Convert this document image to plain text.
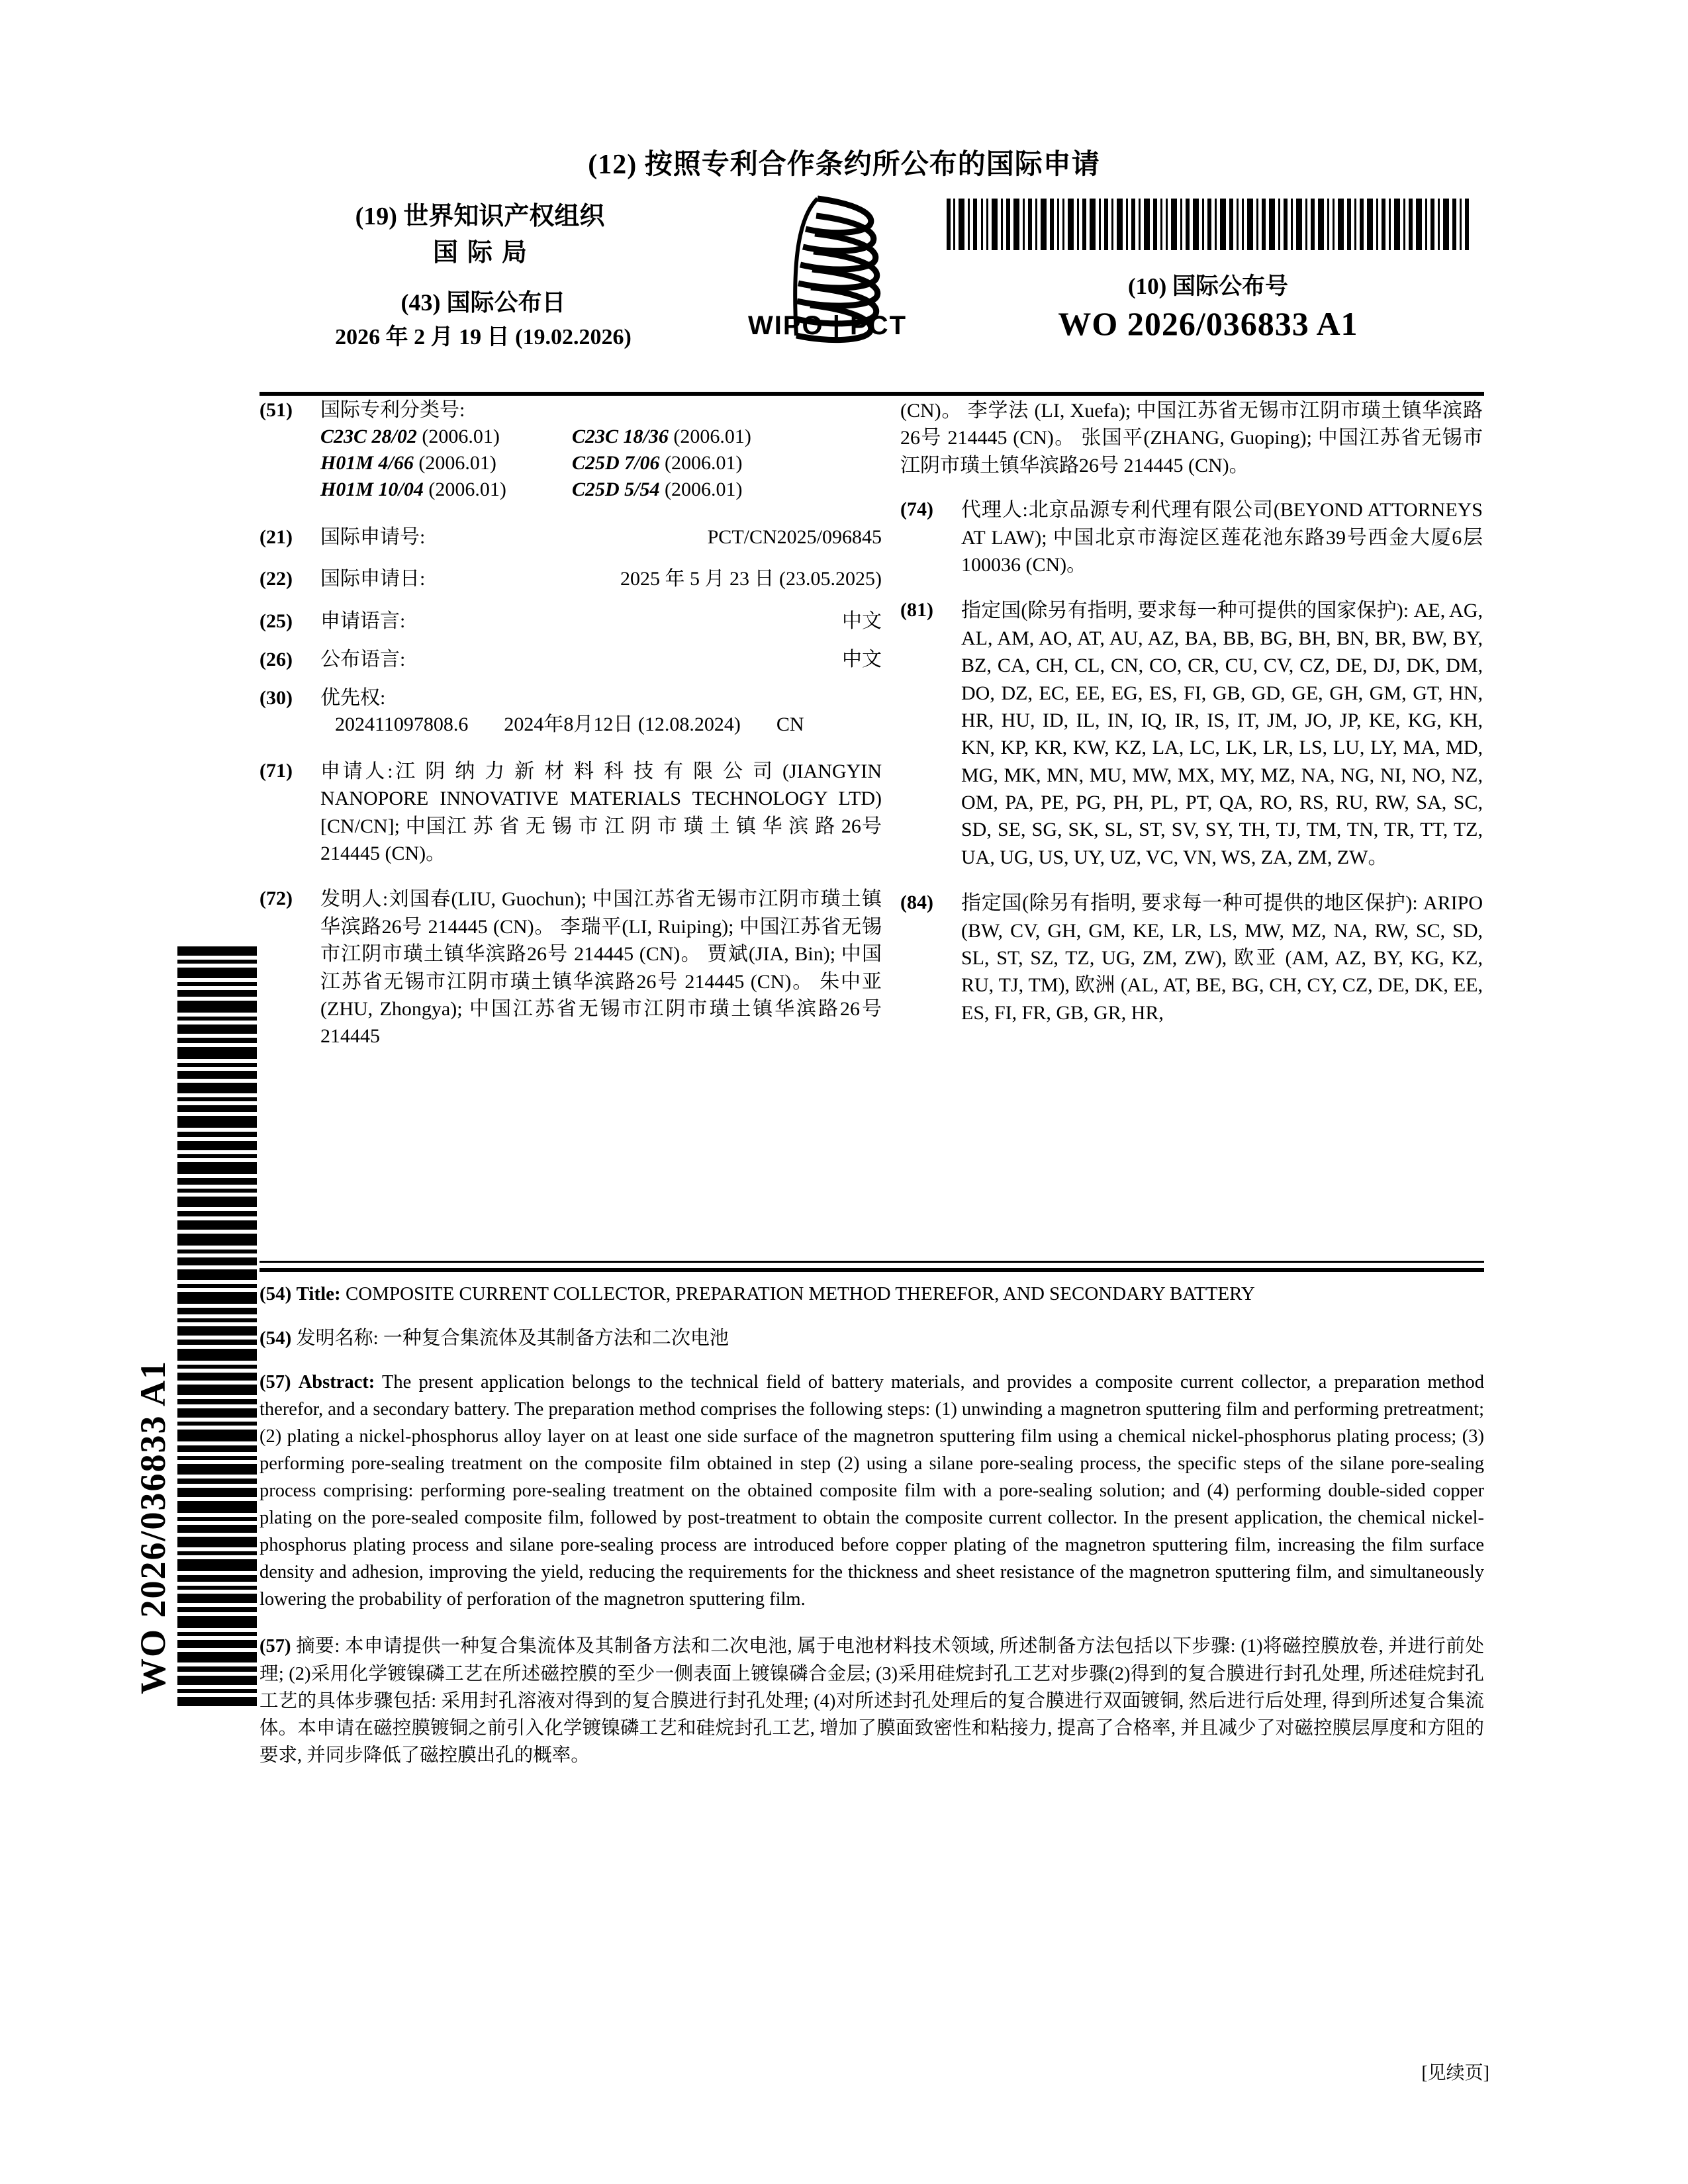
(12) 按照专利合作条约所公布的国际申请
(19) 世界知识产权组织
国际局
(43) 国际公布日
2026 年 2 月 19 日 (19.02.2026)	WIPO | PCT
(10) 国际公布号
WO 2026/036833 A1
(51)	国际专利分类号:
C23C 28/02 (2006.01)	C23C 18/36 (2006.01)
H01M 4/66 (2006.01)	C25D 7/06 (2006.01)
H01M 10/04 (2006.01)	C25D 5/54 (2006.01)
(21)	国际申请号:	PCT/CN2025/096845
(22)	国际申请日:	2025 年 5 月 23 日 (23.05.2025)
(25)	申请语言:	中文
(26)	公布语言:	中文
(30)	优先权:
202411097808.6 2024年8月12日 (12.08.2024) CN
(71)	申请人:江 阴 纳 力 新 材 料 科 技 有 限 公 司 (JIANGYIN NANOPORE INNOVATIVE MATERIALS TECHNOLOGY LTD) [CN/CN]; 中国江 苏 省 无 锡 市 江 阴 市 璜 土 镇 华 滨 路 26号 214445 (CN)。
(72)	发明人:刘国春(LIU, Guochun); 中国江苏省无锡市江阴市璜土镇华滨路26号 214445 (CN)。 李瑞平(LI, Ruiping); 中国江苏省无锡市江阴市璜土镇华滨路26号 214445 (CN)。 贾斌(JIA, Bin); 中国江苏省无锡市江阴市璜土镇华滨路26号 214445 (CN)。 朱中亚(ZHU, Zhongya); 中国江苏省无锡市江阴市璜土镇华滨路26号 214445
(CN)。 李学法 (LI, Xuefa); 中国江苏省无锡市江阴市璜土镇华滨路26号 214445 (CN)。 张国平(ZHANG, Guoping); 中国江苏省无锡市江阴市璜土镇华滨路26号 214445 (CN)。
(74)	代理人:北京品源专利代理有限公司(BEYOND ATTORNEYS AT LAW); 中国北京市海淀区莲花池东路39号西金大厦6层 100036 (CN)。
(81)	指定国(除另有指明, 要求每一种可提供的国家保护): AE, AG, AL, AM, AO, AT, AU, AZ, BA, BB, BG, BH, BN, BR, BW, BY, BZ, CA, CH, CL, CN, CO, CR, CU, CV, CZ, DE, DJ, DK, DM, DO, DZ, EC, EE, EG, ES, FI, GB, GD, GE, GH, GM, GT, HN, HR, HU, ID, IL, IN, IQ, IR, IS, IT, JM, JO, JP, KE, KG, KH, KN, KP, KR, KW, KZ, LA, LC, LK, LR, LS, LU, LY, MA, MD, MG, MK, MN, MU, MW, MX, MY, MZ, NA, NG, NI, NO, NZ, OM, PA, PE, PG, PH, PL, PT, QA, RO, RS, RU, RW, SA, SC, SD, SE, SG, SK, SL, ST, SV, SY, TH, TJ, TM, TN, TR, TT, TZ, UA, UG, US, UY, UZ, VC, VN, WS, ZA, ZM, ZW。
(84)	指定国(除另有指明, 要求每一种可提供的地区保护): ARIPO (BW, CV, GH, GM, KE, LR, LS, MW, MZ, NA, RW, SC, SD, SL, ST, SZ, TZ, UG, ZM, ZW), 欧亚 (AM, AZ, BY, KG, KZ, RU, TJ, TM), 欧洲 (AL, AT, BE, BG, CH, CY, CZ, DE, DK, EE, ES, FI, FR, GB, GR, HR,
(54) Title: COMPOSITE CURRENT COLLECTOR, PREPARATION METHOD THEREFOR, AND SECONDARY BATTERY
(54) 发明名称: 一种复合集流体及其制备方法和二次电池
(57) Abstract: The present application belongs to the technical field of battery materials, and provides a composite current collector, a preparation method therefor, and a secondary battery. The preparation method comprises the following steps: (1) unwinding a magnetron sputtering film and performing pretreatment; (2) plating a nickel-phosphorus alloy layer on at least one side surface of the magnetron sputtering film using a chemical nickel-phosphorus plating process; (3) performing pore-sealing treatment on the composite film obtained in step (2) using a silane pore-sealing process, the specific steps of the silane pore-sealing process comprising: performing pore-sealing treatment on the obtained composite film with a pore-sealing solution; and (4) performing double-sided copper plating on the pore-sealed composite film, followed by post-treatment to obtain the composite current collector. In the present application, the chemical nickel-phosphorus plating process and silane pore-sealing process are introduced before copper plating of the magnetron sputtering film, increasing the film surface density and adhesion, improving the yield, reducing the requirements for the thickness and sheet resistance of the magnetron sputtering film, and simultaneously lowering the probability of perforation of the magnetron sputtering film.
(57) 摘要: 本申请提供一种复合集流体及其制备方法和二次电池, 属于电池材料技术领域, 所述制备方法包括以下步骤: (1)将磁控膜放卷, 并进行前处理; (2)采用化学镀镍磷工艺在所述磁控膜的至少一侧表面上镀镍磷合金层; (3)采用硅烷封孔工艺对步骤(2)得到的复合膜进行封孔处理, 所述硅烷封孔工艺的具体步骤包括: 采用封孔溶液对得到的复合膜进行封孔处理; (4)对所述封孔处理后的复合膜进行双面镀铜, 然后进行后处理, 得到所述复合集流体。本申请在磁控膜镀铜之前引入化学镀镍磷工艺和硅烷封孔工艺, 增加了膜面致密性和粘接力, 提高了合格率, 并且减少了对磁控膜层厚度和方阻的要求, 并同步降低了磁控膜出孔的概率。
WO 2026/036833 A1
[见续页]
